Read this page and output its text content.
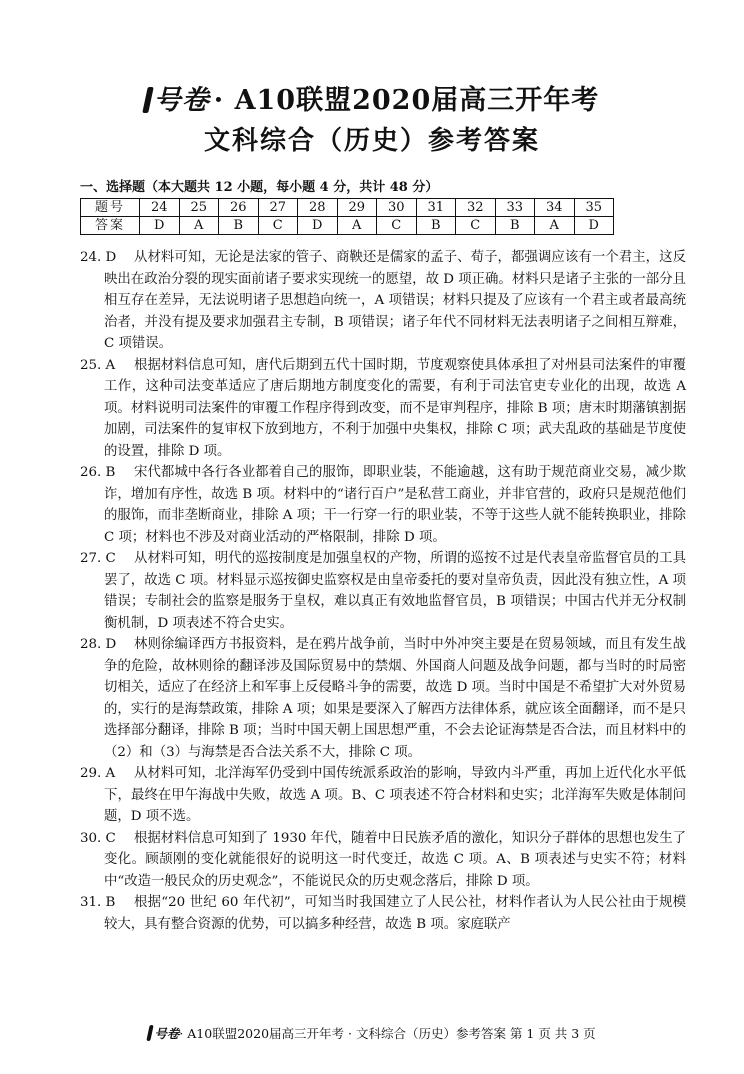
号卷 · A10联盟2020届高三开年考
文科综合（历史）参考答案
一、选择题（本大题共 12 小题，每小题 4 分，共计 48 分）
题号	24	25	26	27	28	29	30	31	32	33	34	35
答案	D	A	B	C	D	A	C	B	C	B	A	D
24. D	从材料可知，无论是法家的管子、商鞅还是儒家的孟子、荀子，都强调应该有一个君主，这反映出在政治分裂的现实面前诸子要求实现统一的愿望，故 D 项正确。材料只是诸子主张的一部分且相互存在差异，无法说明诸子思想趋向统一，A 项错误；材料只提及了应该有一个君主或者最高统治者，并没有提及要求加强君主专制，B 项错误；诸子年代不同材料无法表明诸子之间相互辩难，C 项错误。
25. A	根据材料信息可知，唐代后期到五代十国时期，节度观察使具体承担了对州县司法案件的审覆工作，这种司法变革适应了唐后期地方制度变化的需要，有利于司法官吏专业化的出现，故选 A 项。材料说明司法案件的审覆工作程序得到改变，而不是审判程序，排除 B 项；唐末时期藩镇割据加剧，司法案件的复审权下放到地方，不利于加强中央集权，排除 C 项；武夫乱政的基础是节度使的设置，排除 D 项。
26. B	宋代都城中各行各业都着自己的服饰，即职业装，不能逾越，这有助于规范商业交易，减少欺诈，增加有序性，故选 B 项。材料中的“诸行百户”是私营工商业，并非官营的，政府只是规范他们的服饰，而非垄断商业，排除 A 项；干一行穿一行的职业装，不等于这些人就不能转换职业，排除 C 项；材料也不涉及对商业活动的严格限制，排除 D 项。
27. C	从材料可知，明代的巡按制度是加强皇权的产物，所谓的巡按不过是代表皇帝监督官员的工具罢了，故选 C 项。材料显示巡按御史监察权是由皇帝委托的要对皇帝负责，因此没有独立性，A 项错误；专制社会的监察是服务于皇权，难以真正有效地监督官员，B 项错误；中国古代并无分权制衡机制，D 项表述不符合史实。
28. D	林则徐编译西方书报资料，是在鸦片战争前，当时中外冲突主要是在贸易领域，而且有发生战争的危险，故林则徐的翻译涉及国际贸易中的禁烟、外国商人问题及战争问题，都与当时的时局密切相关，适应了在经济上和军事上反侵略斗争的需要，故选 D 项。当时中国是不希望扩大对外贸易的，实行的是海禁政策，排除 A 项；如果是要深入了解西方法律体系，就应该全面翻译，而不是只选择部分翻译，排除 B 项；当时中国天朝上国思想严重，不会去论证海禁是否合法，而且材料中的（2）和（3）与海禁是否合法关系不大，排除 C 项。
29. A	从材料可知，北洋海军仍受到中国传统派系政治的影响，导致内斗严重，再加上近代化水平低下，最终在甲午海战中失败，故选 A 项。B、C 项表述不符合材料和史实；北洋海军失败是体制问题，D 项不选。
30. C	根据材料信息可知到了 1930 年代，随着中日民族矛盾的激化，知识分子群体的思想也发生了变化。顾颉刚的变化就能很好的说明这一时代变迁，故选 C 项。A、B 项表述与史实不符；材料中“改造一般民众的历史观念”，不能说民众的历史观念落后，排除 D 项。
31. B	根据“20 世纪 60 年代初”，可知当时我国建立了人民公社，材料作者认为人民公社由于规模较大，具有整合资源的优势，可以搞多种经营，故选 B 项。家庭联产
号卷· A10联盟2020届高三开年考 · 文科综合（历史）参考答案 第 1 页 共 3 页
